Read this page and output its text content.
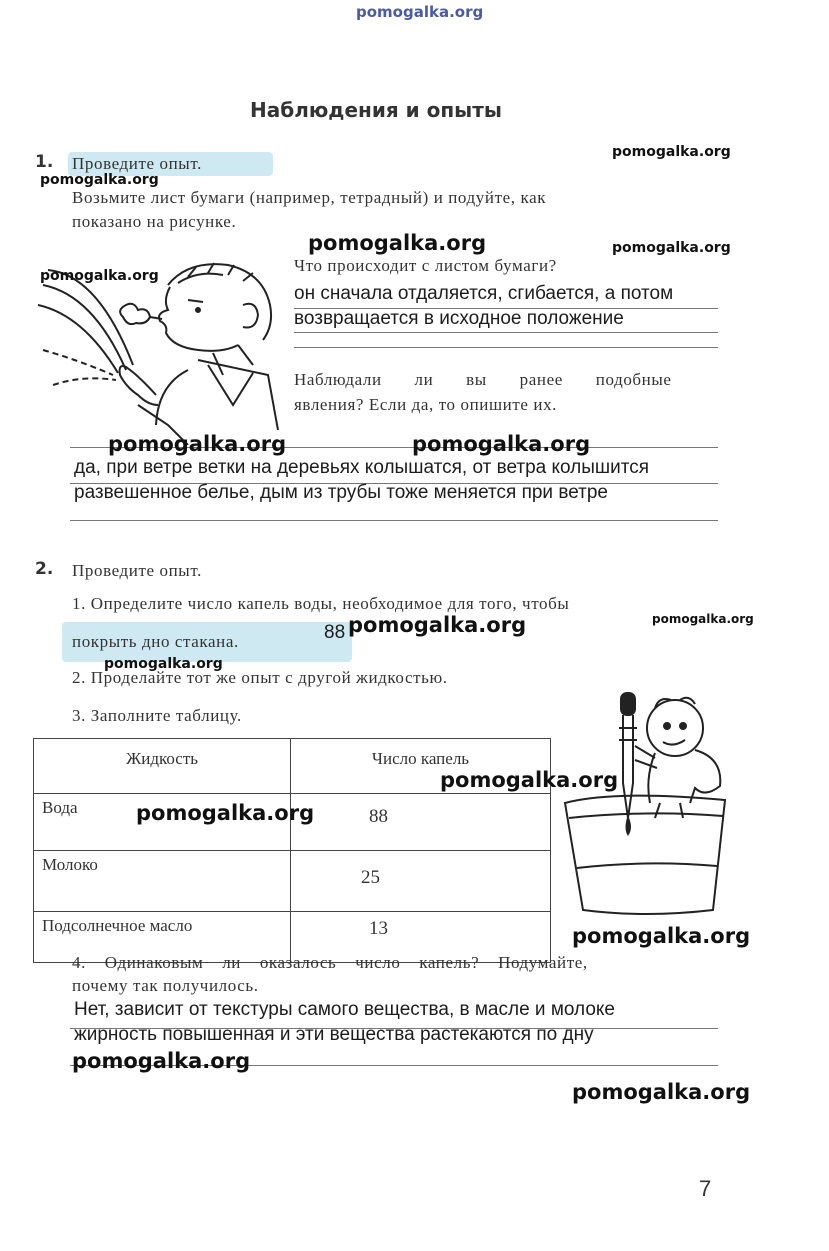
pomogalka.org
Наблюдения и опыты
1. Проведите опыт.
Возьмите лист бумаги (например, тетрадный) и подуйте, как
показано на рисунке.
Что происходит с листом бумаги?
он сначала отдаляется, сгибается, а потом
возвращается в исходное положение
Наблюдали ли вы ранее подобные
явления? Если да, то опишите их.
да, при ветре ветки на деревьях колышатся, от ветра колышится
развешенное белье, дым из трубы тоже меняется при ветре
2. Проведите опыт.
1. Определите число капель воды, необходимое для того, чтобы
покрыть дно стакана.	88
2. Проделайте тот же опыт с другой жидкостью.
3. Заполните таблицу.
Жидкость	Число капель
Вода	88
Молоко	25
Подсолнечное масло	13
4. Одинаковым ли оказалось число капель? Подумайте,
почему так получилось.
Нет, зависит от текстуры самого вещества, в масле и молоке
жирность повышенная и эти вещества растекаются по дну
7
pomogalka.org
pomogalka.org
pomogalka.org	pomogalka.org
pomogalka.org
pomogalka.org	pomogalka.org
pomogalka.org	pomogalka.org
pomogalka.org
pomogalka.org
pomogalka.org
pomogalka.org
pomogalka.org
pomogalka.org
